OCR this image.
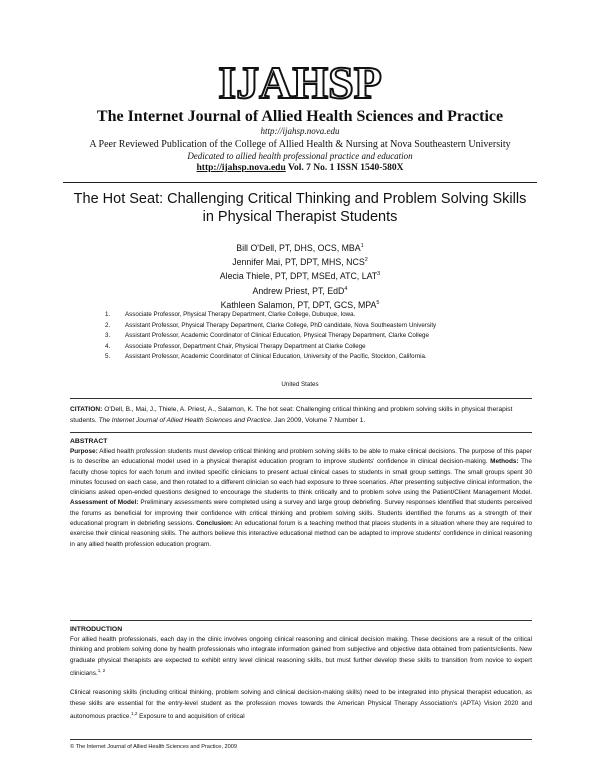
IJAHSP
The Internet Journal of Allied Health Sciences and Practice
http://ijahsp.nova.edu
A Peer Reviewed Publication of the College of Allied Health & Nursing at Nova Southeastern University
Dedicated to allied health professional practice and education
http://ijahsp.nova.edu Vol. 7 No. 1 ISSN 1540-580X
The Hot Seat: Challenging Critical Thinking and Problem Solving Skills in Physical Therapist Students
Bill O'Dell, PT, DHS, OCS, MBA$^1$
Jennifer Mai, PT, DPT, MHS, NCS$^2$
Alecia Thiele, PT, DPT, MSEd, ATC, LAT$^3$
Andrew Priest, PT, EdD$^4$
Kathleen Salamon, PT, DPT, GCS, MPA$^5$
1. Associate Professor, Physical Therapy Department, Clarke College, Dubuque, Iowa.
2. Assistant Professor, Physical Therapy Department, Clarke College, PhD candidate, Nova Southeastern University
3. Assistant Professor, Academic Coordinator of Clinical Education, Physical Therapy Department, Clarke College
4. Associate Professor, Department Chair, Physical Therapy Department at Clarke College
5. Assistant Professor, Academic Coordinator of Clinical Education, University of the Pacific, Stockton, California.
United States
CITATION: O'Dell, B., Mai, J., Thiele, A. Priest, A., Salamon, K. The hot seat: Challenging critical thinking and problem solving skills in physical therapist students. The Internet Journal of Allied Health Sciences and Practice. Jan 2009, Volume 7 Number 1.
ABSTRACT
Purpose: Allied health profession students must develop critical thinking and problem solving skills to be able to make clinical decisions. The purpose of this paper is to describe an educational model used in a physical therapist education program to improve students' confidence in clinical decision-making. Methods: The faculty chose topics for each forum and invited specific clinicians to present actual clinical cases to students in small group settings. The small groups spent 30 minutes focused on each case, and then rotated to a different clinician so each had exposure to three scenarios. After presenting subjective clinical information, the clinicians asked open-ended questions designed to encourage the students to think critically and to problem solve using the Patient/Client Management Model. Assessment of Model: Preliminary assessments were completed using a survey and large group debriefing. Survey responses identified that students perceived the forums as beneficial for improving their confidence with critical thinking and problem solving skills. Students identified the forums as a strength of their educational program in debriefing sessions. Conclusion: An educational forum is a teaching method that places students in a situation where they are required to exercise their clinical reasoning skills. The authors believe this interactive educational method can be adapted to improve students' confidence in clinical reasoning in any allied health profession education program.
INTRODUCTION

For allied health professionals, each day in the clinic involves ongoing clinical reasoning and clinical decision making. These decisions are a result of the critical thinking and problem solving done by health professionals who integrate information gained from subjective and objective data obtained from patients/clients. New graduate physical therapists are expected to exhibit entry level clinical reasoning skills, but must further develop these skills to transition from novice to expert clinicians.$^{1, 2}$

Clinical reasoning skills (including critical thinking, problem solving and clinical decision-making skills) need to be integrated into physical therapist education, as these skills are essential for the entry-level student as the profession moves towards the American Physical Therapy Association's (APTA) Vision 2020 and autonomous practice.$^{1,2}$ Exposure to and acquisition of critical

© The Internet Journal of Allied Health Sciences and Practice, 2009
